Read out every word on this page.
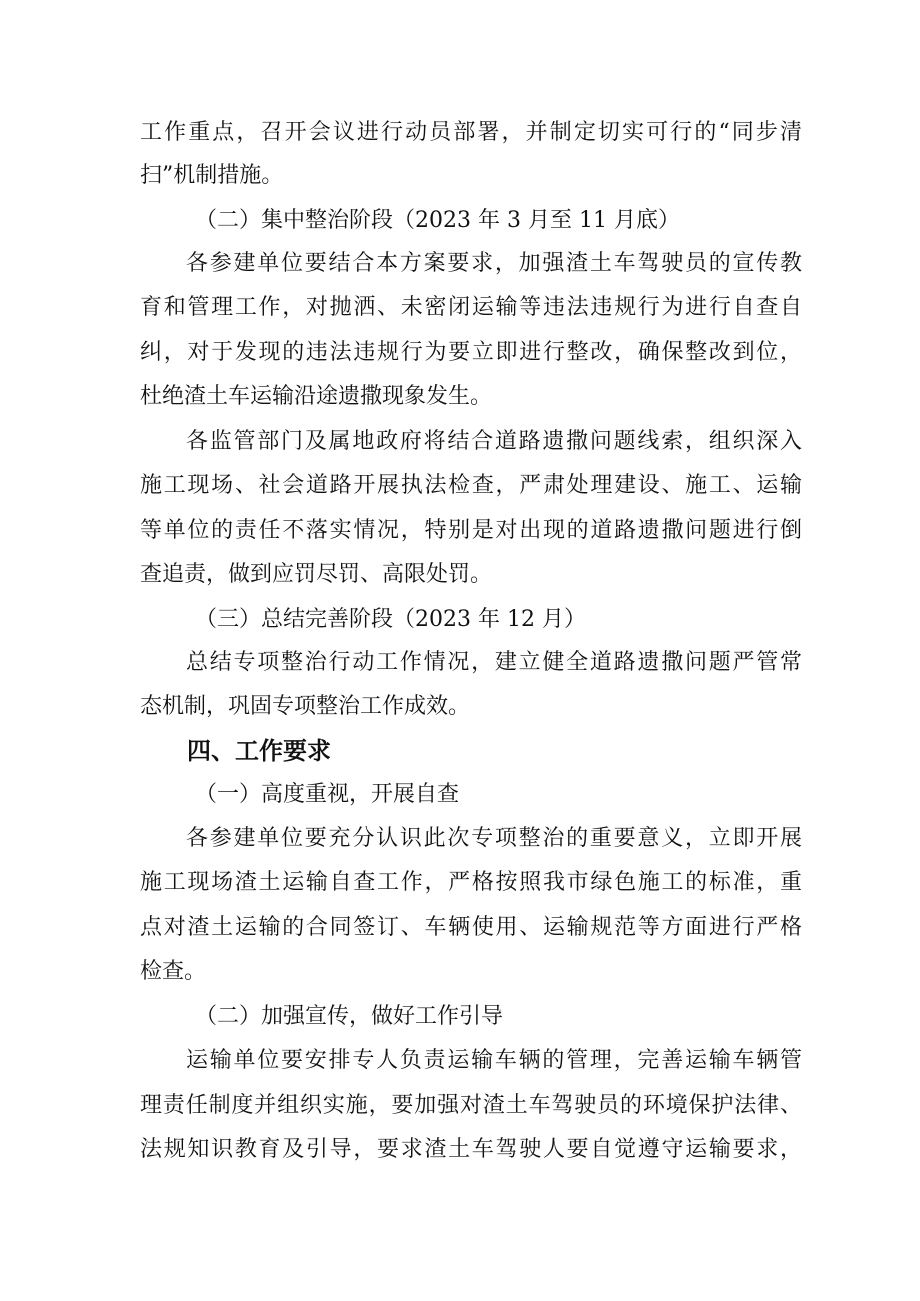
工作重点，召开会议进行动员部署，并制定切实可行的“同步清
扫”机制措施。
（二）集中整治阶段（2023 年 3 月至 11 月底）
各参建单位要结合本方案要求，加强渣土车驾驶员的宣传教
育和管理工作，对抛洒、未密闭运输等违法违规行为进行自查自
纠，对于发现的违法违规行为要立即进行整改，确保整改到位，
杜绝渣土车运输沿途遗撒现象发生。
各监管部门及属地政府将结合道路遗撒问题线索，组织深入
施工现场、社会道路开展执法检查，严肃处理建设、施工、运输
等单位的责任不落实情况，特别是对出现的道路遗撒问题进行倒
查追责，做到应罚尽罚、高限处罚。
（三）总结完善阶段（2023 年 12 月）
总结专项整治行动工作情况，建立健全道路遗撒问题严管常
态机制，巩固专项整治工作成效。
四、工作要求
（一）高度重视，开展自查
各参建单位要充分认识此次专项整治的重要意义，立即开展
施工现场渣土运输自查工作，严格按照我市绿色施工的标准，重
点对渣土运输的合同签订、车辆使用、运输规范等方面进行严格
检查。
（二）加强宣传，做好工作引导
运输单位要安排专人负责运输车辆的管理，完善运输车辆管
理责任制度并组织实施，要加强对渣土车驾驶员的环境保护法律、
法规知识教育及引导，要求渣土车驾驶人要自觉遵守运输要求，
